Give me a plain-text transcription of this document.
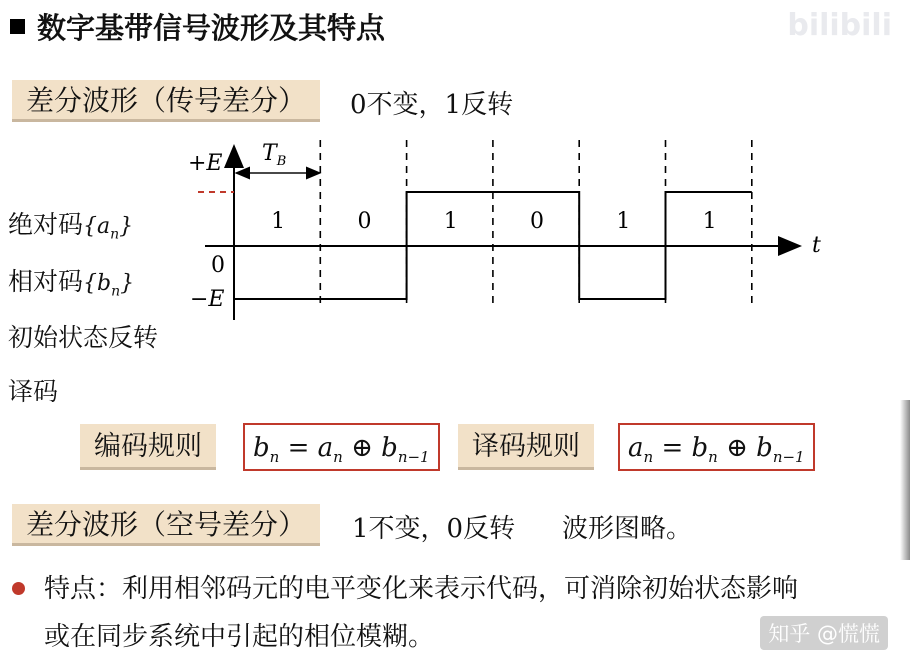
数字基带信号波形及其特点	bilibili
差分波形（传号差分）	0不变，1反转
绝对码$\{a_n\}$
相对码$\{b_n\}$
初始状态反转
译码
$T_B$
+E
0
−E
t
1	0	1	0	1	1
编码规则	$b_n = a_n$ ⊕ $b_{n-1}$	译码规则	$a_n = b_n$ ⊕ $b_{n-1}$
差分波形（空号差分）	1不变，0反转 波形图略。
特点：利用相邻码元的电平变化来表示代码，可消除初始状态影响
或在同步系统中引起的相位模糊。	知乎 @慌慌
